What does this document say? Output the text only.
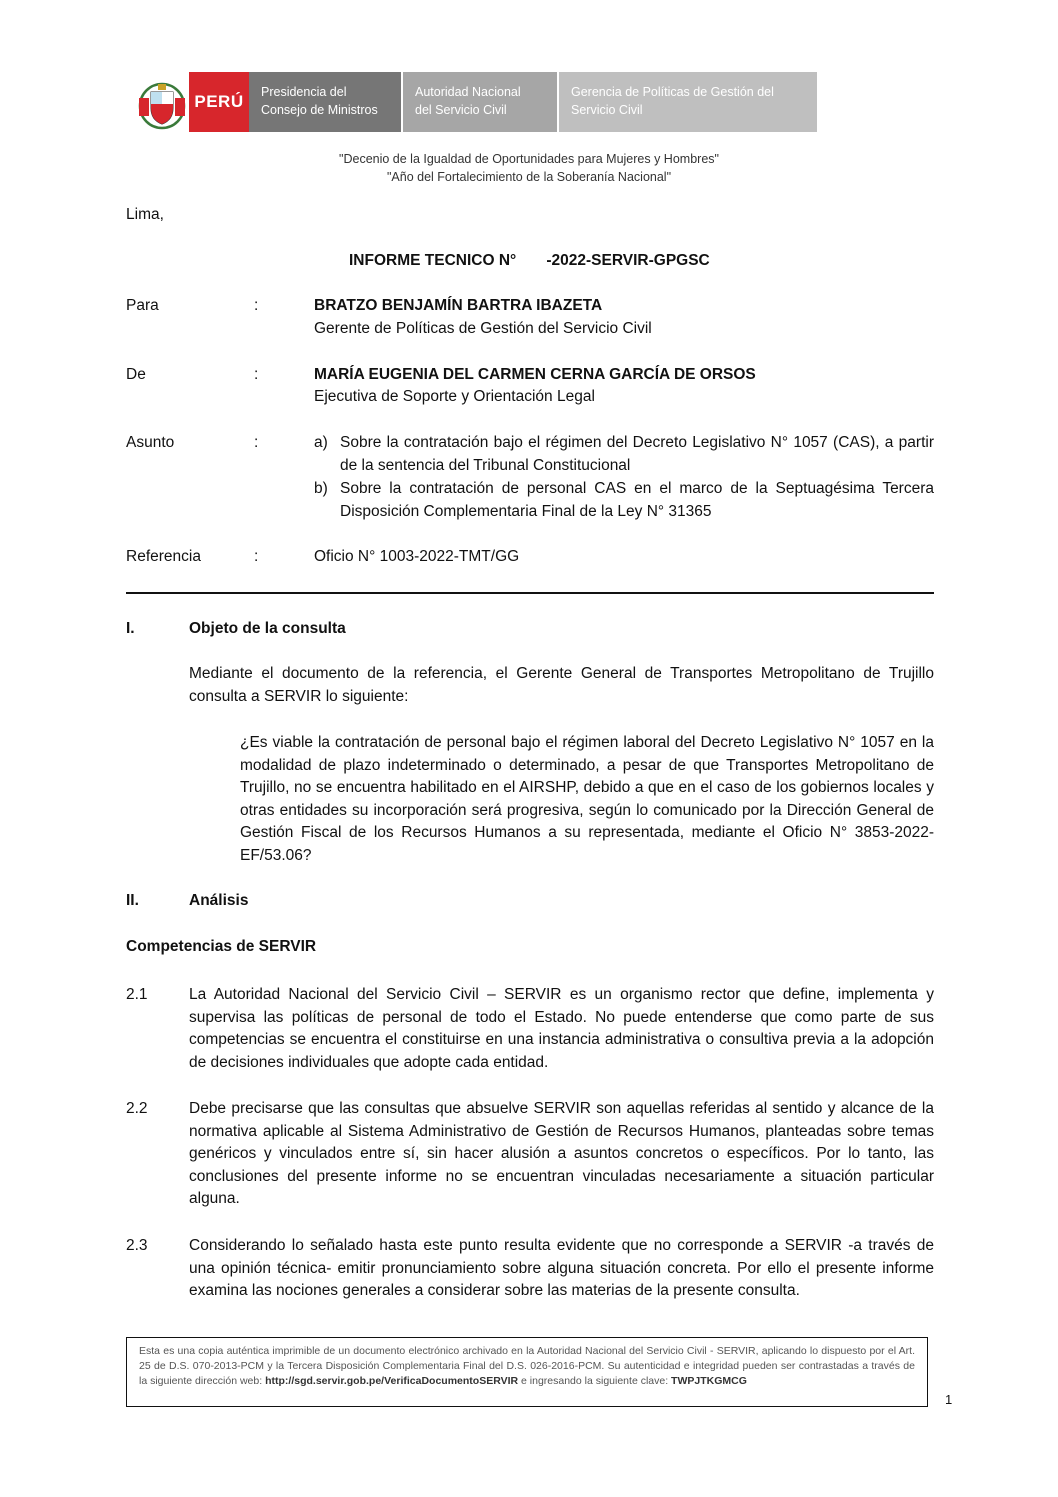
PERÚ Presidencia del
Consejo de Ministros
Autoridad Nacional
del Servicio Civil
Gerencia de Políticas de Gestión del
Servicio Civil
"Decenio de la Igualdad de Oportunidades para Mujeres y Hombres"
"Año del Fortalecimiento de la Soberanía Nacional"
Lima,
INFORME TECNICO N°       -2022-SERVIR-GPGSC
Para	:	BRATZO BENJAMÍN BARTRA IBAZETA
Gerente de Políticas de Gestión del Servicio Civil
De	:	MARÍA EUGENIA DEL CARMEN CERNA GARCÍA DE ORSOS
Ejecutiva de Soporte y Orientación Legal
Asunto	:	a) Sobre la contratación bajo el régimen del Decreto Legislativo N° 1057 (CAS), a partir de la sentencia del Tribunal Constitucional
b) Sobre la contratación de personal CAS en el marco de la Septuagésima Tercera Disposición Complementaria Final de la Ley N° 31365
Referencia	:	Oficio N° 1003-2022-TMT/GG
I.	Objeto de la consulta
Mediante el documento de la referencia, el Gerente General de Transportes Metropolitano de Trujillo consulta a SERVIR lo siguiente:
¿Es viable la contratación de personal bajo el régimen laboral del Decreto Legislativo N° 1057 en la modalidad de plazo indeterminado o determinado, a pesar de que Transportes Metropolitano de Trujillo, no se encuentra habilitado en el AIRSHP, debido a que en el caso de los gobiernos locales y otras entidades su incorporación será progresiva, según lo comunicado por la Dirección General de Gestión Fiscal de los Recursos Humanos a su representada, mediante el Oficio N° 3853-2022-EF/53.06?
II.	Análisis
Competencias de SERVIR
2.1	La Autoridad Nacional del Servicio Civil – SERVIR es un organismo rector que define, implementa y supervisa las políticas de personal de todo el Estado. No puede entenderse que como parte de sus competencias se encuentra el constituirse en una instancia administrativa o consultiva previa a la adopción de decisiones individuales que adopte cada entidad.
2.2	Debe precisarse que las consultas que absuelve SERVIR son aquellas referidas al sentido y alcance de la normativa aplicable al Sistema Administrativo de Gestión de Recursos Humanos, planteadas sobre temas genéricos y vinculados entre sí, sin hacer alusión a asuntos concretos o específicos. Por lo tanto, las conclusiones del presente informe no se encuentran vinculadas necesariamente a situación particular alguna.
2.3	Considerando lo señalado hasta este punto resulta evidente que no corresponde a SERVIR -a través de una opinión técnica- emitir pronunciamiento sobre alguna situación concreta. Por ello el presente informe examina las nociones generales a considerar sobre las materias de la presente consulta.
Esta es una copia auténtica imprimible de un documento electrónico archivado en la Autoridad Nacional del Servicio Civil - SERVIR, aplicando lo dispuesto por el Art. 25 de D.S. 070-2013-PCM y la Tercera Disposición Complementaria Final del D.S. 026-2016-PCM. Su autenticidad e integridad pueden ser contrastadas a través de la siguiente dirección web: http://sgd.servir.gob.pe/VerificaDocumentoSERVIR e ingresando la siguiente clave: TWPJTKGMCG
1
